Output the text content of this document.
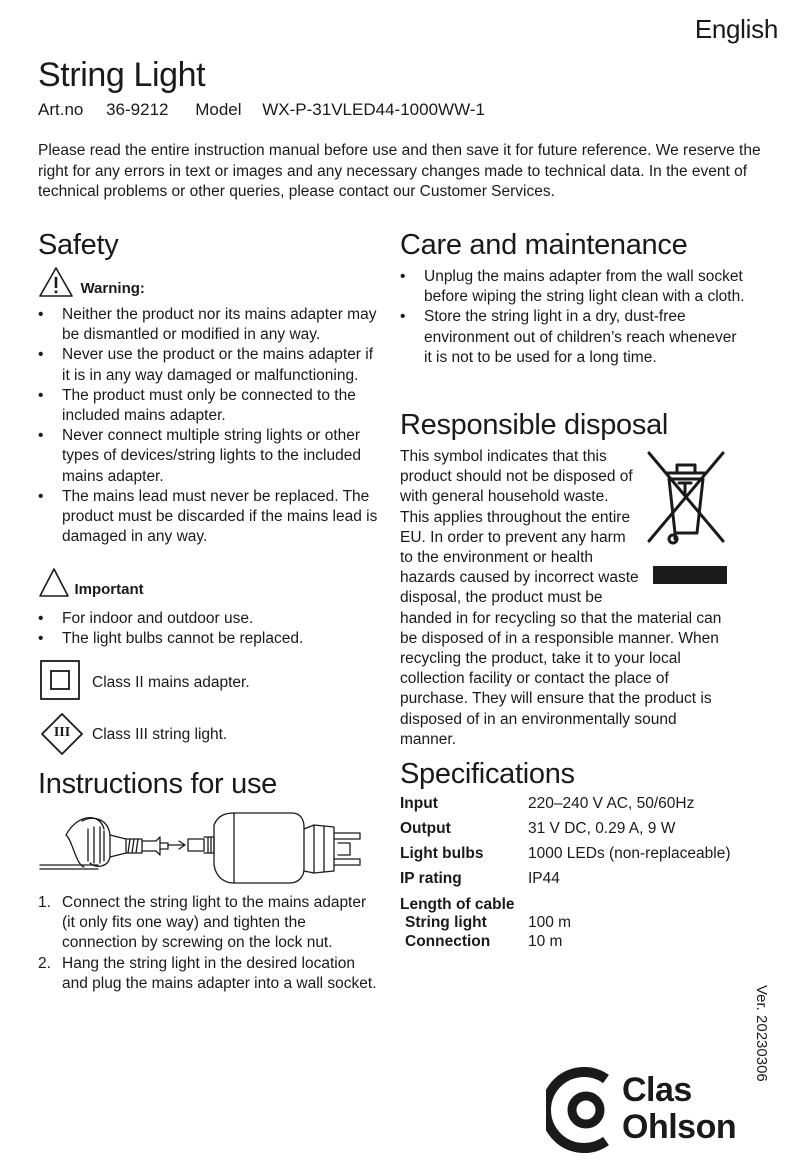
English
String Light
Art.no 36-9212 Model WX-P-31VLED44-1000WW-1
Please read the entire instruction manual before use and then save it for future reference. We reserve the right for any errors in text or images and any necessary changes made to technical data. In the event of technical problems or other queries, please contact our Customer Services.
Safety
Warning:
• Neither the product nor its mains adapter may be dismantled or modified in any way.
• Never use the product or the mains adapter if it is in any way damaged or malfunctioning.
• The product must only be connected to the included mains adapter.
• Never connect multiple string lights or other types of devices/string lights to the included mains adapter.
• The mains lead must never be replaced. The product must be discarded if the mains lead is damaged in any way.
Important
• For indoor and outdoor use.
• The light bulbs cannot be replaced.
Class II mains adapter.
III	Class III string light.
Instructions for use
1. Connect the string light to the mains adapter (it only fits one way) and tighten the connection by screwing on the lock nut.
2. Hang the string light in the desired location and plug the mains adapter into a wall socket.
Care and maintenance
• Unplug the mains adapter from the wall socket before wiping the string light clean with a cloth.
• Store the string light in a dry, dust-free environment out of children’s reach whenever it is not to be used for a long time.
Responsible disposal
This symbol indicates that this product should not be disposed of with general household waste. This applies throughout the entire EU. In order to prevent any harm to the environment or health hazards caused by incorrect waste disposal, the product must be handed in for recycling so that the material can be disposed of in a responsible manner. When recycling the product, take it to your local collection facility or contact the place of purchase. They will ensure that the product is disposed of in an environmentally sound manner.
Specifications
Input	220–240 V AC, 50/60Hz
Output	31 V DC, 0.29 A, 9 W
Light bulbs	1000 LEDs (non-replaceable)
IP rating	IP44
Length of cable
String light	100 m
Connection	10 m
Ver. 20230306
Clas
Ohlson
